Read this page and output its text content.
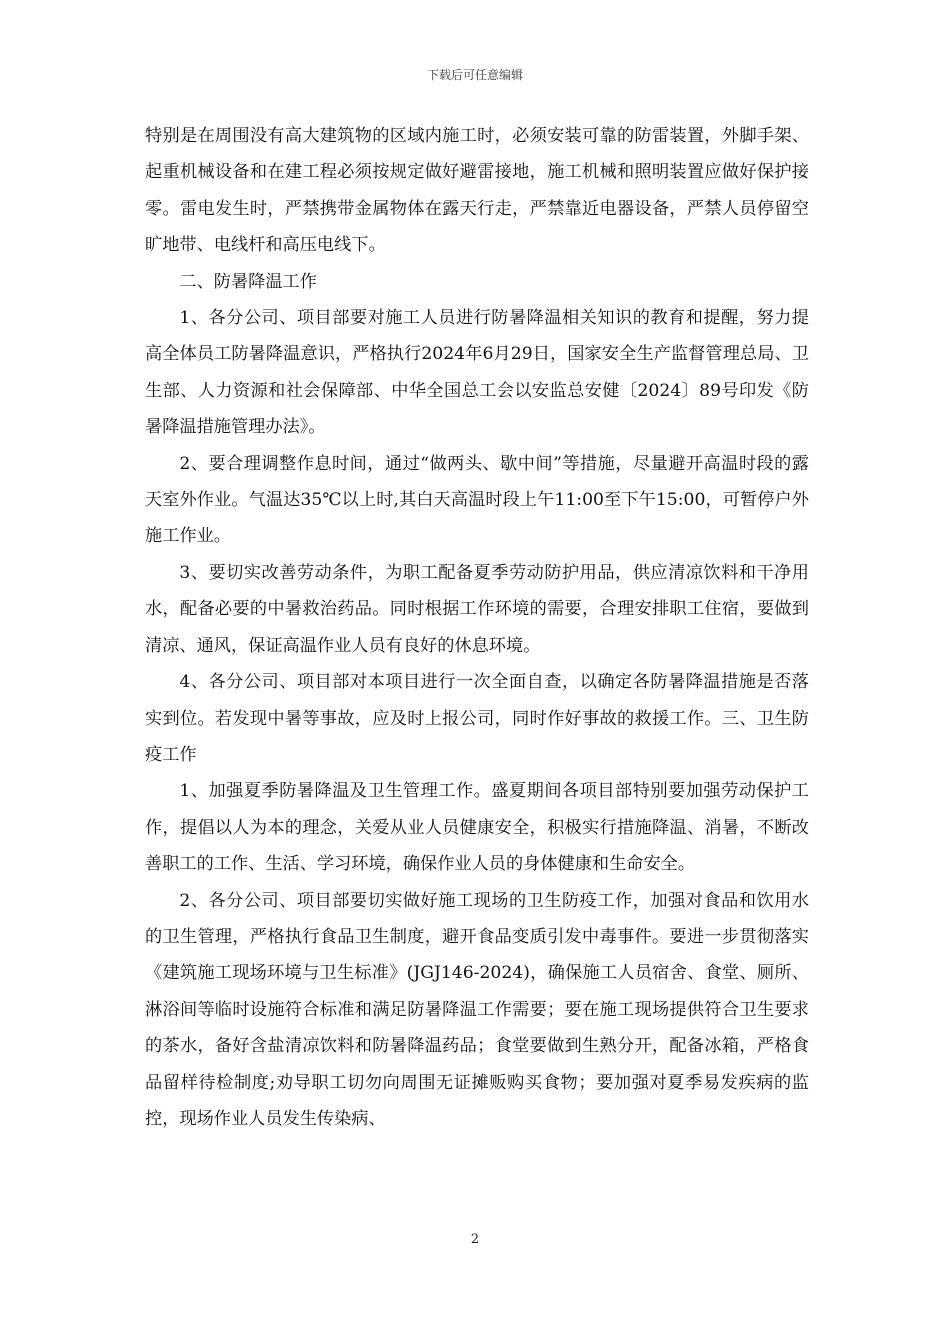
下载后可任意编辑

特别是在周围没有高大建筑物的区域内施工时，必须安装可靠的防雷装置，外脚手架、起重机械设备和在建工程必须按规定做好避雷接地，施工机械和照明装置应做好保护接零。雷电发生时，严禁携带金属物体在露天行走，严禁靠近电器设备，严禁人员停留空旷地带、电线杆和高压电线下。

二、防暑降温工作

1、各分公司、项目部要对施工人员进行防暑降温相关知识的教育和提醒，努力提高全体员工防暑降温意识，严格执行2024年6月29日，国家安全生产监督管理总局、卫生部、人力资源和社会保障部、中华全国总工会以安监总安健〔2024〕89号印发《防暑降温措施管理办法》。

2、要合理调整作息时间，通过“做两头、歇中间”等措施，尽量避开高温时段的露天室外作业。气温达35℃以上时,其白天高温时段上午11:00至下午15:00，可暂停户外施工作业。

3、要切实改善劳动条件，为职工配备夏季劳动防护用品，供应清凉饮料和干净用水，配备必要的中暑救治药品。同时根据工作环境的需要，合理安排职工住宿，要做到清凉、通风，保证高温作业人员有良好的休息环境。

4、各分公司、项目部对本项目进行一次全面自查，以确定各防暑降温措施是否落实到位。若发现中暑等事故，应及时上报公司，同时作好事故的救援工作。三、卫生防疫工作

1、加强夏季防暑降温及卫生管理工作。盛夏期间各项目部特别要加强劳动保护工作，提倡以人为本的理念，关爱从业人员健康安全，积极实行措施降温、消暑，不断改善职工的工作、生活、学习环境，确保作业人员的身体健康和生命安全。

2、各分公司、项目部要切实做好施工现场的卫生防疫工作，加强对食品和饮用水的卫生管理，严格执行食品卫生制度，避开食品变质引发中毒事件。要进一步贯彻落实《建筑施工现场环境与卫生标准》(JGJ146-2024)，确保施工人员宿舍、食堂、厕所、淋浴间等临时设施符合标准和满足防暑降温工作需要；要在施工现场提供符合卫生要求的茶水，备好含盐清凉饮料和防暑降温药品；食堂要做到生熟分开，配备冰箱，严格食品留样待检制度;劝导职工切勿向周围无证摊贩购买食物；要加强对夏季易发疾病的监控，现场作业人员发生传染病、

2
